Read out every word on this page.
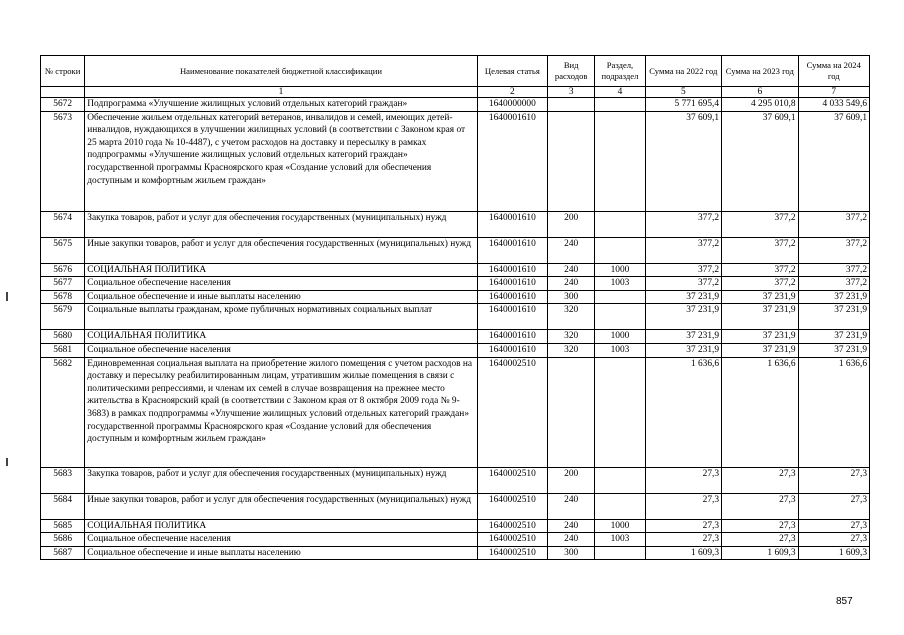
№ строки	Наименование показателей бюджетной классификации	Целевая статья	Вид расходов	Раздел, подраздел	Сумма на 2022 год	Сумма на 2023 год	Сумма на 2024 год
	1	2	3	4	5	6	7
5672	Подпрограмма «Улучшение жилищных условий отдельных категорий граждан»	1640000000			5 771 695,4	4 295 010,8	4 033 549,6
5673	Обеспечение жильем отдельных категорий ветеранов, инвалидов и семей, имеющих детей-инвалидов, нуждающихся в улучшении жилищных условий (в соответствии с Законом края от 25 марта 2010 года № 10-4487), с учетом расходов на доставку и пересылку в рамках подпрограммы «Улучшение жилищных условий отдельных категорий граждан» государственной программы Красноярского края «Создание условий для обеспечения доступным и комфортным жильем граждан»	1640001610			37 609,1	37 609,1	37 609,1
5674	Закупка товаров, работ и услуг для обеспечения государственных (муниципальных) нужд	1640001610	200		377,2	377,2	377,2
5675	Иные закупки товаров, работ и услуг для обеспечения государственных (муниципальных) нужд	1640001610	240		377,2	377,2	377,2
5676	СОЦИАЛЬНАЯ ПОЛИТИКА	1640001610	240	1000	377,2	377,2	377,2
5677	Социальное обеспечение населения	1640001610	240	1003	377,2	377,2	377,2
5678	Социальное обеспечение и иные выплаты населению	1640001610	300		37 231,9	37 231,9	37 231,9
5679	Социальные выплаты гражданам, кроме публичных нормативных социальных выплат	1640001610	320		37 231,9	37 231,9	37 231,9
5680	СОЦИАЛЬНАЯ ПОЛИТИКА	1640001610	320	1000	37 231,9	37 231,9	37 231,9
5681	Социальное обеспечение населения	1640001610	320	1003	37 231,9	37 231,9	37 231,9
5682	Единовременная социальная выплата на приобретение жилого помещения с учетом расходов на доставку и пересылку реабилитированным лицам, утратившим жилые помещения в связи с политическими репрессиями, и членам их семей в случае возвращения на прежнее место жительства в Красноярский край (в соответствии с Законом края от 8 октября 2009 года № 9-3683) в рамках подпрограммы «Улучшение жилищных условий отдельных категорий граждан» государственной программы Красноярского края «Создание условий для обеспечения доступным и комфортным жильем граждан»	1640002510			1 636,6	1 636,6	1 636,6
5683	Закупка товаров, работ и услуг для обеспечения государственных (муниципальных) нужд	1640002510	200		27,3	27,3	27,3
5684	Иные закупки товаров, работ и услуг для обеспечения государственных (муниципальных) нужд	1640002510	240		27,3	27,3	27,3
5685	СОЦИАЛЬНАЯ ПОЛИТИКА	1640002510	240	1000	27,3	27,3	27,3
5686	Социальное обеспечение населения	1640002510	240	1003	27,3	27,3	27,3
5687	Социальное обеспечение и иные выплаты населению	1640002510	300		1 609,3	1 609,3	1 609,3
857
